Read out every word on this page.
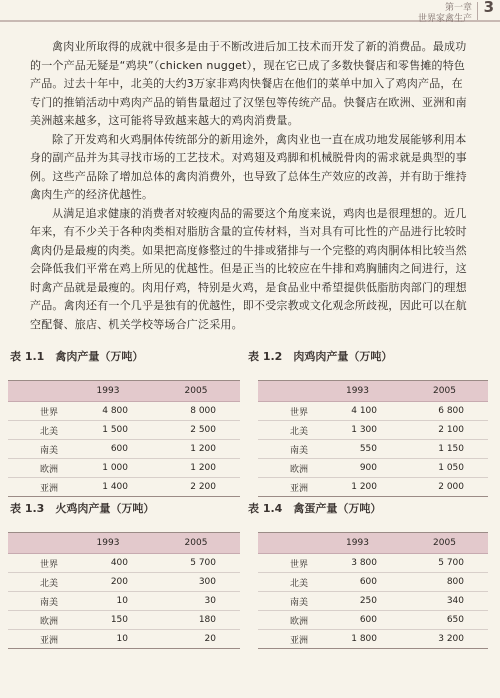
第一章
世界家禽生产
3

禽肉业所取得的成就中很多是由于不断改进后加工技术而开发了新的消费品。最成功的一个产品无疑是“鸡块”（chicken nugget），现在它已成了多数快餐店和零售摊的特色产品。过去十年中，北美的大约3万家非鸡肉快餐店在他们的菜单中加入了鸡肉产品，在专门的推销活动中鸡肉产品的销售量超过了汉堡包等传统产品。快餐店在欧洲、亚洲和南美洲越来越多，这可能将导致越来越大的鸡肉消费量。

除了开发鸡和火鸡胴体传统部分的新用途外，禽肉业也一直在成功地发展能够利用本身的副产品并为其寻找市场的工艺技术。对鸡翅及鸡脚和机械脱骨肉的需求就是典型的事例。这些产品除了增加总体的禽肉消费外，也导致了总体生产效应的改善，并有助于维持禽肉生产的经济优越性。

从满足追求健康的消费者对较瘦肉品的需要这个角度来说，鸡肉也是很理想的。近几年来，有不少关于各种肉类相对脂肪含量的宣传材料，当对具有可比性的产品进行比较时禽肉仍是最瘦的肉类。如果把高度修整过的牛排或猪排与一个完整的鸡肉胴体相比较当然会降低我们平常在鸡上所见的优越性。但是正当的比较应在牛排和鸡胸脯肉之间进行，这时禽产品就是最瘦的。肉用仔鸡，特别是火鸡，是食品业中希望提供低脂肪肉部门的理想产品。禽肉还有一个几乎是独有的优越性，即不受宗教或文化观念所歧视，因此可以在航空配餐、旅店、机关学校等场合广泛采用。

表 1.1　禽肉产量（万吨）
	1993	2005
世界	4 800	8 000
北美	1 500	2 500
南美	600	1 200
欧洲	1 000	1 200
亚洲	1 400	2 200
表 1.2　肉鸡肉产量（万吨）
	1993	2005
世界	4 100	6 800
北美	1 300	2 100
南美	550	1 150
欧洲	900	1 050
亚洲	1 200	2 000
表 1.3　火鸡肉产量（万吨）
	1993	2005
世界	400	5 700
北美	200	300
南美	10	30
欧洲	150	180
亚洲	10	20
表 1.4　禽蛋产量（万吨）
	1993	2005
世界	3 800	5 700
北美	600	800
南美	250	340
欧洲	600	650
亚洲	1 800	3 200
